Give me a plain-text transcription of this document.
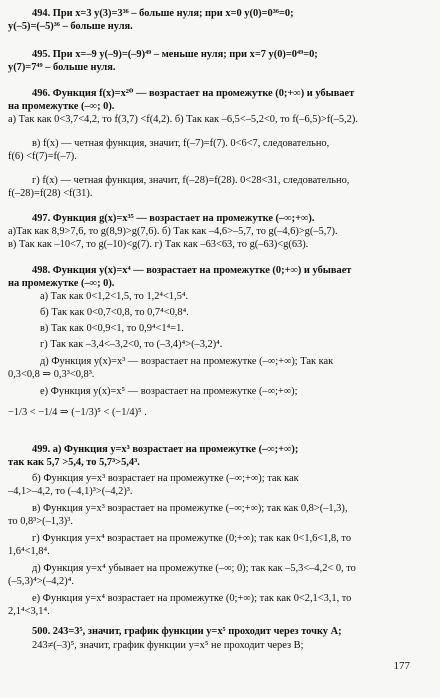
494. При x=3 y(3)=3³⁶ – больше нуля; при x=0 y(0)=0³⁶=0;
y(–5)=(–5)³⁶ – больше нуля.
495. При x=–9 y(–9)=(–9)⁴⁹ – меньше нуля; при x=7 y(0)=0⁴⁹=0;
y(7)=7⁴⁹ – больше нуля.
496. Функция f(x)=x²⁰ — возрастает на промежутке (0;+∞) и убывает
на промежутке (–∞; 0).
а) Так как 0<3,7<4,2, то f(3,7) <f(4,2). б) Так как –6,5<–5,2<0, то f(–6,5)>f(–5,2).
в) f(x) — четная функция, значит, f(–7)=f(7). 0<6<7, следовательно,
f(6) <f(7)=f(–7).
г) f(x) — четная функция, значит, f(–28)=f(28). 0<28<31, следовательно,
f(–28)=f(28) <f(31).
497. Функция g(x)=x³⁵ — возрастает на промежутке (–∞;+∞).
а)Так как 8,9>7,6, то g(8,9)>g(7,6). б) Так как –4,6>–5,7, то g(–4,6)>g(–5,7).
в) Так как –10<7, то g(–10)<g(7). г) Так как –63<63, то g(–63)<g(63).
498. Функция y(x)=x⁴ — возрастает на промежутке (0;+∞) и убывает
на промежутке (–∞; 0).
а) Так как 0<1,2<1,5, то 1,2⁴<1,5⁴.
б) Так как 0<0,7<0,8, то 0,7⁴<0,8⁴.
в) Так как 0<0,9<1, то 0,9⁴<1⁴=1.
г) Так как –3,4<–3,2<0, то (–3,4)⁴>(–3,2)⁴.
д) Функция y(x)=x³ — возрастает на промежутке (–∞;+∞); Так как
0,3<0,8 ⇒ 0,3³<0,8³.
е) Функция y(x)=x⁵ — возрастает на промежутке (–∞;+∞);
−1/3 < −1/4 ⇒ (−1/3)⁵ < (−1/4)⁵ .
499. а) Функция y=x³ возрастает на промежутке (–∞;+∞);
так как 5,7 >5,4, то 5,7³>5,4³.
б) Функция y=x³ возрастает на промежутке (–∞;+∞); так как
–4,1>–4,2, то (–4,1)³>(–4,2)³.
в) Функция y=x³ возрастает на промежутке (–∞;+∞); так как 0,8>(–1,3),
то 0,8³>(–1,3)³.
г) Функция y=x⁴ возрастает на промежутке (0;+∞); так как 0<1,6<1,8, то
1,6⁴<1,8⁴.
д) Функция y=x⁴ убывает на промежутке (–∞; 0); так как –5,3<–4,2< 0, то
(–5,3)⁴>(–4,2)⁴.
е) Функция y=x⁴ возрастает на промежутке (0;+∞); так как 0<2,1<3,1, то
2,1⁴<3,1⁴.
500. 243=3⁵, значит, график функции y=x⁵ проходит через точку A;
243≠(–3)⁵, значит, график функции y=x⁵ не проходит через B;
177
